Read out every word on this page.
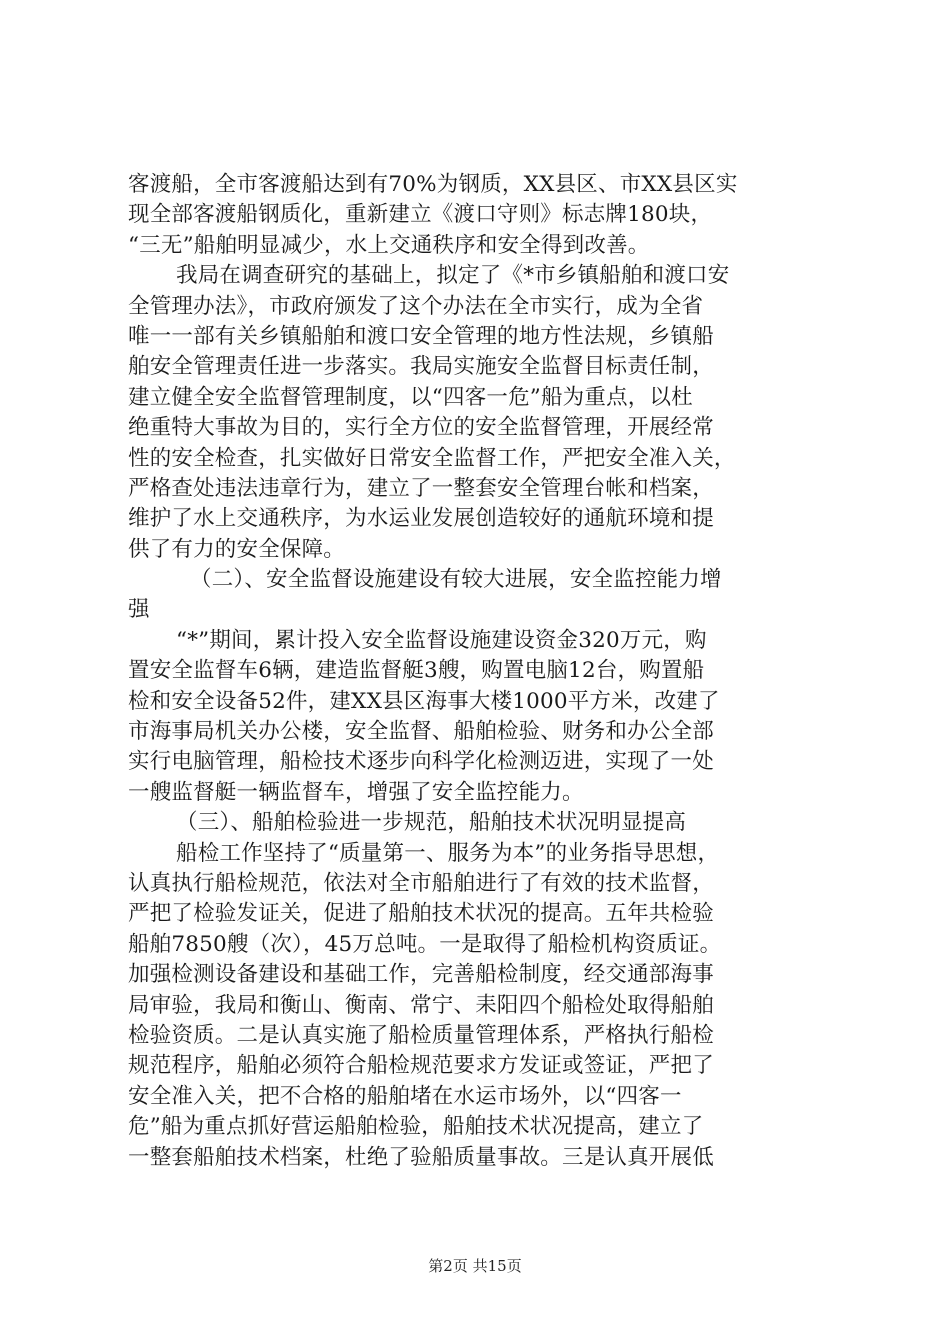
客渡船，全市客渡船达到有70%为钢质，XX县区、市XX县区实
现全部客渡船钢质化，重新建立《渡口守则》标志牌180块，
“三无”船舶明显减少，水上交通秩序和安全得到改善。
我局在调查研究的基础上，拟定了《*市乡镇船舶和渡口安
全管理办法》，市政府颁发了这个办法在全市实行，成为全省
唯一一部有关乡镇船舶和渡口安全管理的地方性法规，乡镇船
舶安全管理责任进一步落实。我局实施安全监督目标责任制，
建立健全安全监督管理制度，以“四客一危”船为重点，以杜
绝重特大事故为目的，实行全方位的安全监督管理，开展经常
性的安全检查，扎实做好日常安全监督工作，严把安全准入关，
严格查处违法违章行为，建立了一整套安全管理台帐和档案，
维护了水上交通秩序，为水运业发展创造较好的通航环境和提
供了有力的安全保障。
（二）、安全监督设施建设有较大进展，安全监控能力增
强
“*”期间，累计投入安全监督设施建设资金320万元，购
置安全监督车6辆，建造监督艇3艘，购置电脑12台，购置船
检和安全设备52件，建XX县区海事大楼1000平方米，改建了
市海事局机关办公楼，安全监督、船舶检验、财务和办公全部
实行电脑管理，船检技术逐步向科学化检测迈进，实现了一处
一艘监督艇一辆监督车，增强了安全监控能力。
（三）、船舶检验进一步规范，船舶技术状况明显提高
船检工作坚持了“质量第一、服务为本”的业务指导思想，
认真执行船检规范，依法对全市船舶进行了有效的技术监督，
严把了检验发证关，促进了船舶技术状况的提高。五年共检验
船舶7850艘（次），45万总吨。一是取得了船检机构资质证。
加强检测设备建设和基础工作，完善船检制度，经交通部海事
局审验，我局和衡山、衡南、常宁、耒阳四个船检处取得船舶
检验资质。二是认真实施了船检质量管理体系，严格执行船检
规范程序，船舶必须符合船检规范要求方发证或签证，严把了
安全准入关，把不合格的船舶堵在水运市场外，以“四客一
危”船为重点抓好营运船舶检验，船舶技术状况提高，建立了
一整套船舶技术档案，杜绝了验船质量事故。三是认真开展低
第2页 共15页
